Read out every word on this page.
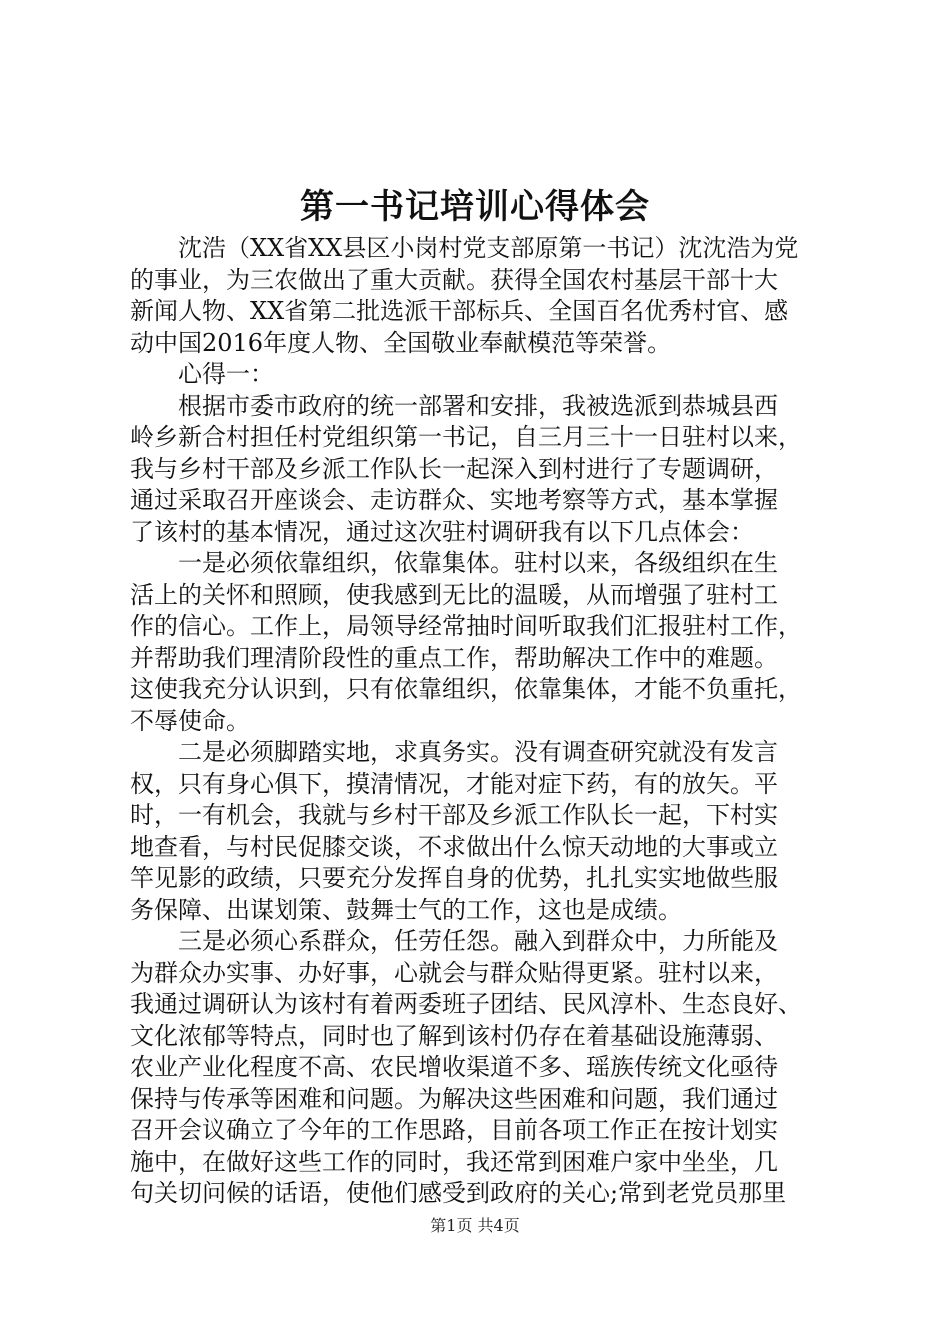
第一书记培训心得体会
　　沈浩（XX省XX县区小岗村党支部原第一书记）沈沈浩为党
的事业，为三农做出了重大贡献。获得全国农村基层干部十大
新闻人物、XX省第二批选派干部标兵、全国百名优秀村官、感
动中国2016年度人物、全国敬业奉献模范等荣誉。
　　心得一：
　　根据市委市政府的统一部署和安排，我被选派到恭城县西
岭乡新合村担任村党组织第一书记，自三月三十一日驻村以来，
我与乡村干部及乡派工作队长一起深入到村进行了专题调研，
通过采取召开座谈会、走访群众、实地考察等方式，基本掌握
了该村的基本情况，通过这次驻村调研我有以下几点体会：
　　一是必须依靠组织，依靠集体。驻村以来，各级组织在生
活上的关怀和照顾，使我感到无比的温暖，从而增强了驻村工
作的信心。工作上，局领导经常抽时间听取我们汇报驻村工作，
并帮助我们理清阶段性的重点工作，帮助解决工作中的难题。
这使我充分认识到，只有依靠组织，依靠集体，才能不负重托，
不辱使命。
　　二是必须脚踏实地，求真务实。没有调查研究就没有发言
权，只有身心俱下，摸清情况，才能对症下药，有的放矢。平
时，一有机会，我就与乡村干部及乡派工作队长一起，下村实
地查看，与村民促膝交谈，不求做出什么惊天动地的大事或立
竿见影的政绩，只要充分发挥自身的优势，扎扎实实地做些服
务保障、出谋划策、鼓舞士气的工作，这也是成绩。
　　三是必须心系群众，任劳任怨。融入到群众中，力所能及
为群众办实事、办好事，心就会与群众贴得更紧。驻村以来，
我通过调研认为该村有着两委班子团结、民风淳朴、生态良好、
文化浓郁等特点，同时也了解到该村仍存在着基础设施薄弱、
农业产业化程度不高、农民增收渠道不多、瑶族传统文化亟待
保持与传承等困难和问题。为解决这些困难和问题，我们通过
召开会议确立了今年的工作思路，目前各项工作正在按计划实
施中，在做好这些工作的同时，我还常到困难户家中坐坐，几
句关切问候的话语，使他们感受到政府的关心;常到老党员那里
第1页 共4页
